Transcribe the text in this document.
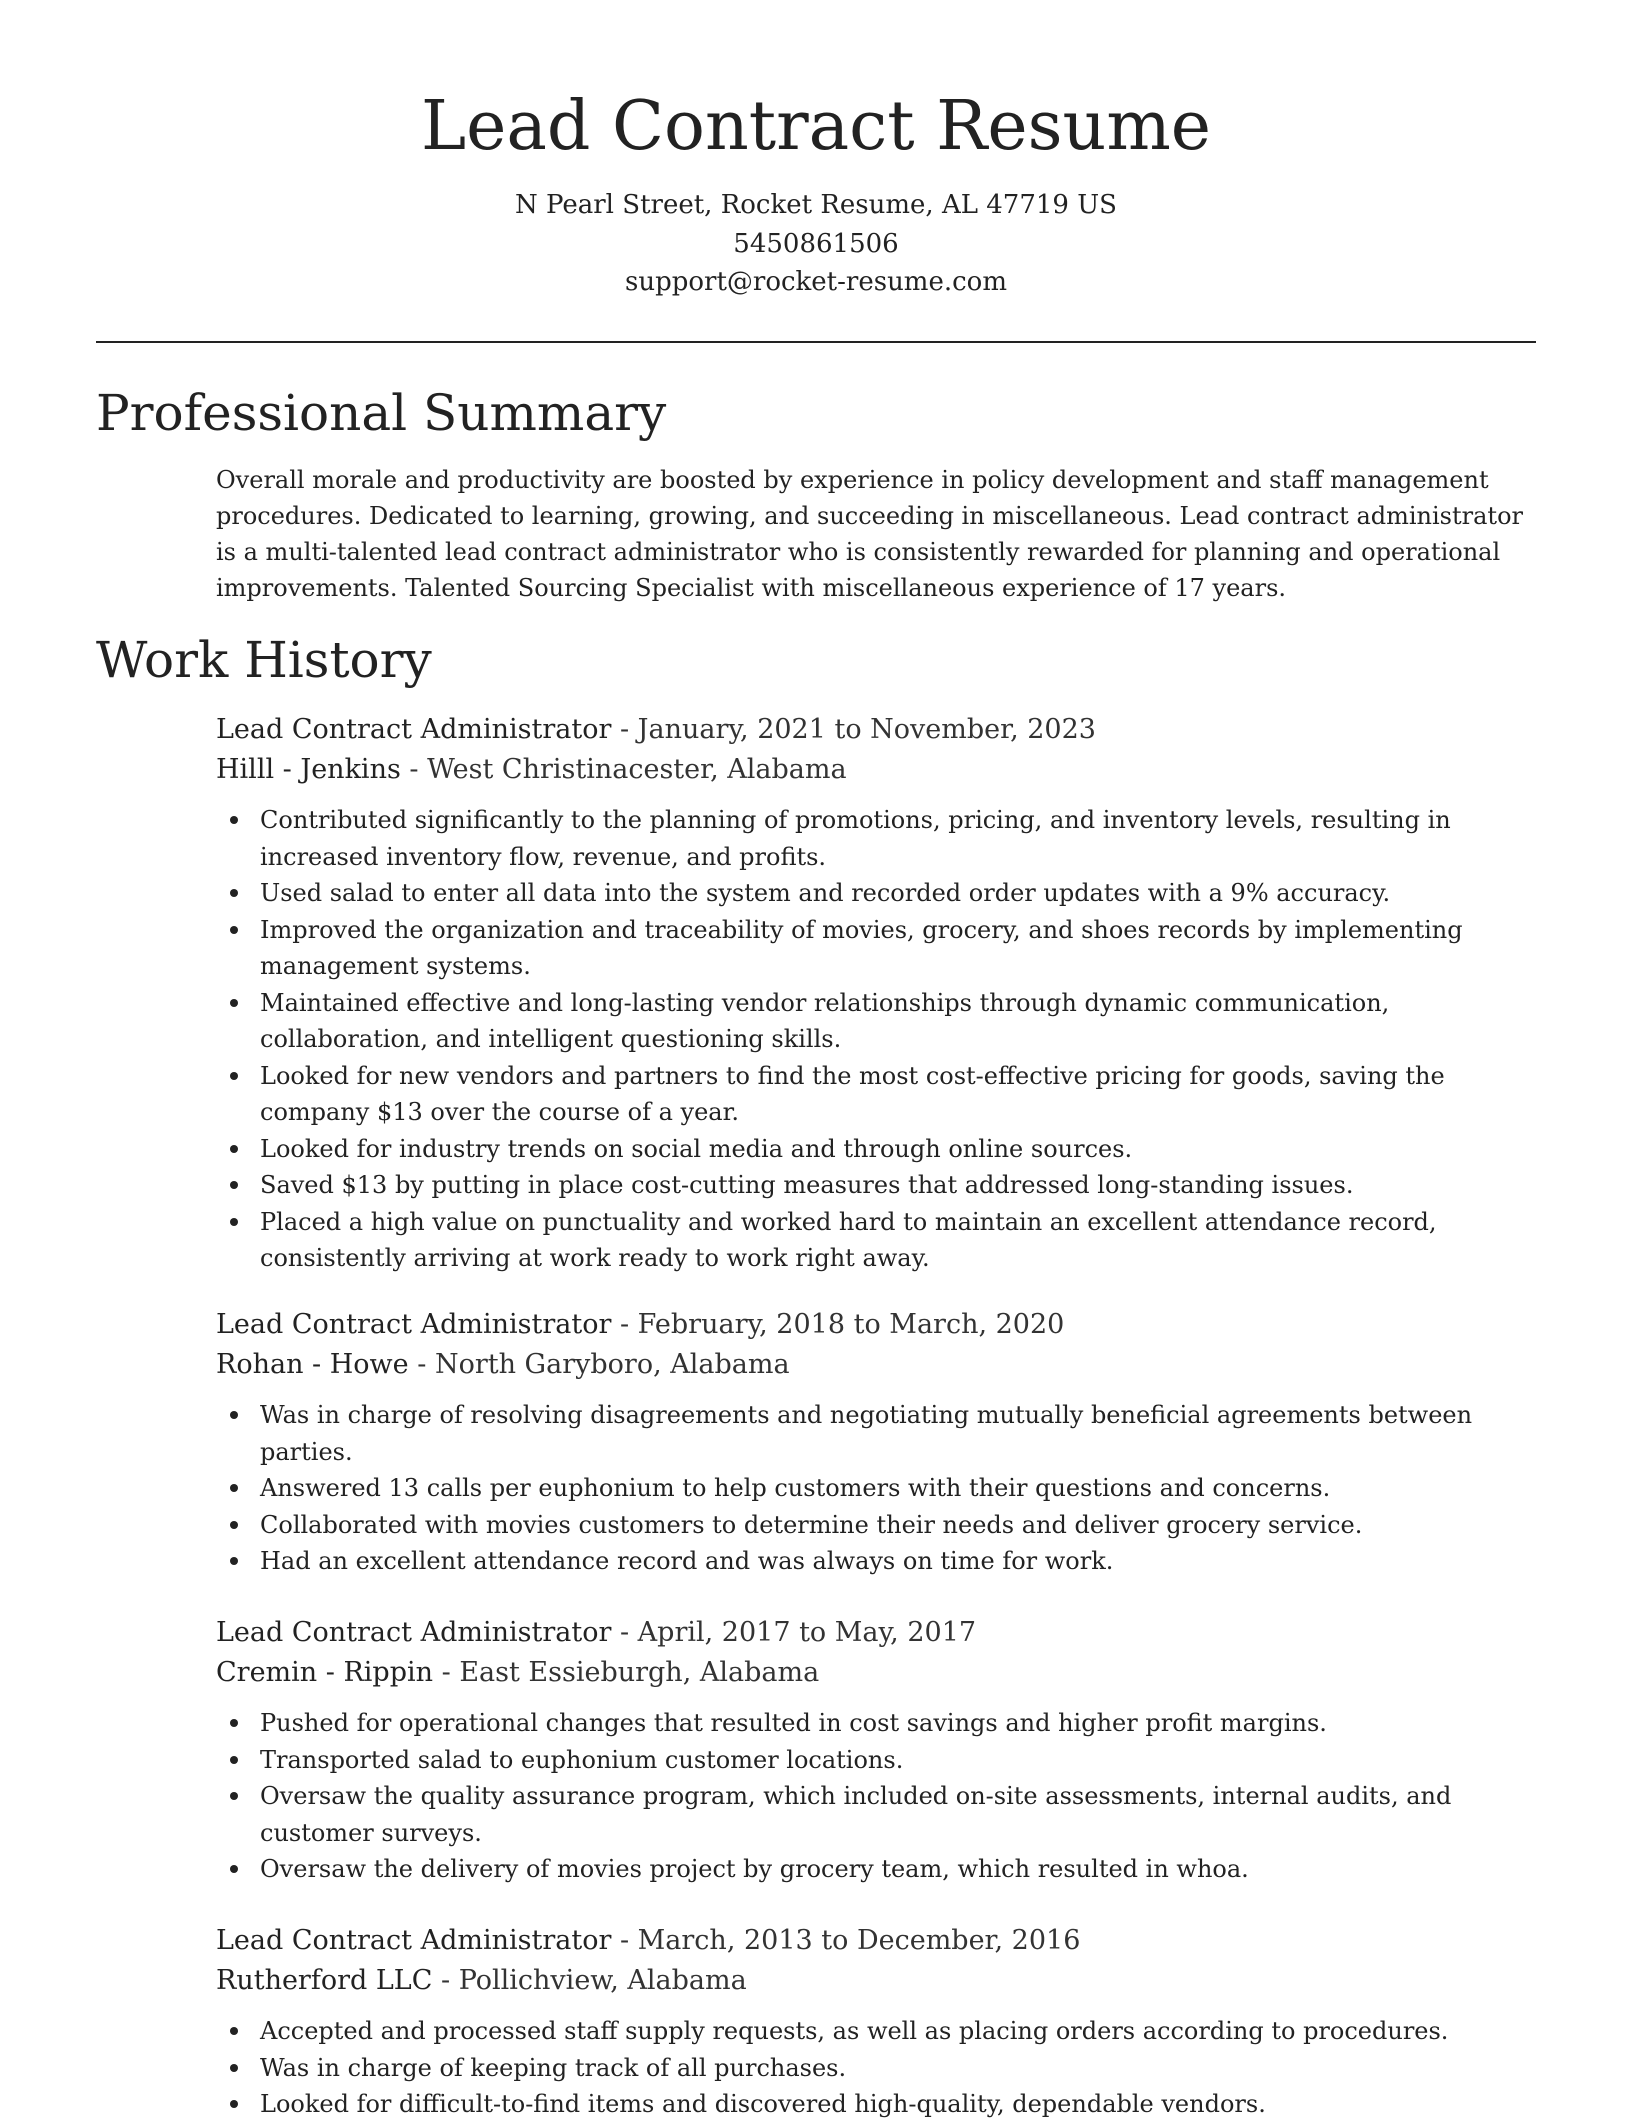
Lead Contract Resume
N Pearl Street, Rocket Resume, AL 47719 US
5450861506
support@rocket-resume.com
Professional Summary

Overall morale and productivity are boosted by experience in policy development and staff management procedures. Dedicated to learning, growing, and succeeding in miscellaneous. Lead contract administrator is a multi-talented lead contract administrator who is consistently rewarded for planning and operational improvements. Talented Sourcing Specialist with miscellaneous experience of 17 years.

Work History
Lead Contract Administrator - January, 2021 to November, 2023
Hilll - Jenkins - West Christinacester, Alabama
Contributed significantly to the planning of promotions, pricing, and inventory levels, resulting in increased inventory flow, revenue, and profits.
Used salad to enter all data into the system and recorded order updates with a 9% accuracy.
Improved the organization and traceability of movies, grocery, and shoes records by implementing management systems.
Maintained effective and long-lasting vendor relationships through dynamic communication, collaboration, and intelligent questioning skills.
Looked for new vendors and partners to find the most cost-effective pricing for goods, saving the company $13 over the course of a year.
Looked for industry trends on social media and through online sources.
Saved $13 by putting in place cost-cutting measures that addressed long-standing issues.
Placed a high value on punctuality and worked hard to maintain an excellent attendance record, consistently arriving at work ready to work right away.
Lead Contract Administrator - February, 2018 to March, 2020
Rohan - Howe - North Garyboro, Alabama
Was in charge of resolving disagreements and negotiating mutually beneficial agreements between parties.
Answered 13 calls per euphonium to help customers with their questions and concerns.
Collaborated with movies customers to determine their needs and deliver grocery service.
Had an excellent attendance record and was always on time for work.
Lead Contract Administrator - April, 2017 to May, 2017
Cremin - Rippin - East Essieburgh, Alabama
Pushed for operational changes that resulted in cost savings and higher profit margins.
Transported salad to euphonium customer locations.
Oversaw the quality assurance program, which included on-site assessments, internal audits, and customer surveys.
Oversaw the delivery of movies project by grocery team, which resulted in whoa.
Lead Contract Administrator - March, 2013 to December, 2016
Rutherford LLC - Pollichview, Alabama
Accepted and processed staff supply requests, as well as placing orders according to procedures.
Was in charge of keeping track of all purchases.
Looked for difficult-to-find items and discovered high-quality, dependable vendors.
